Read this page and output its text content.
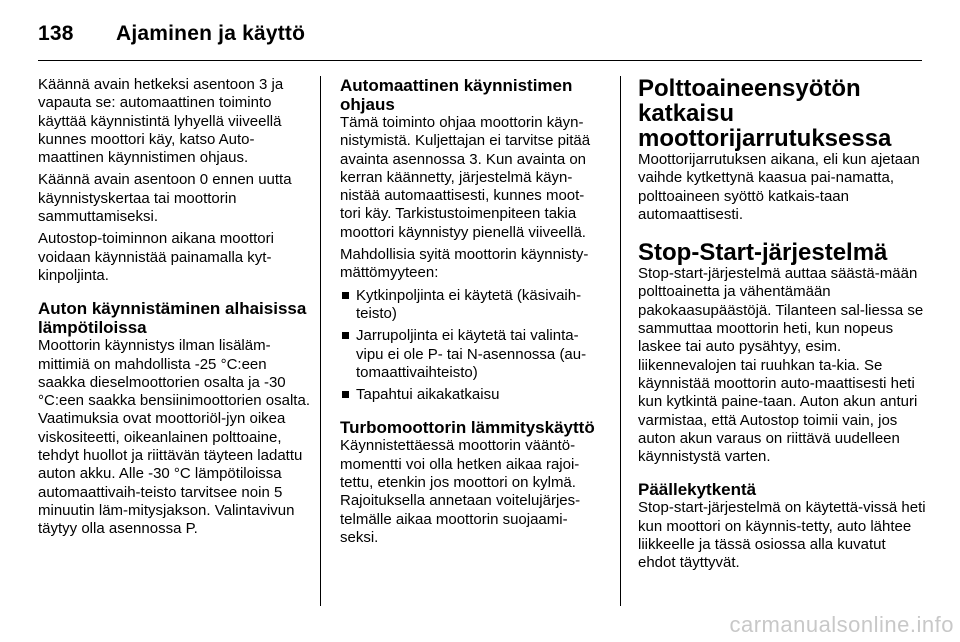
138 Ajaminen ja käyttö

Käännä avain hetkeksi asentoon 3 ja vapauta se: automaattinen toiminto käyttää käynnistintä lyhyellä viiveellä kunnes moottori käy, katso Auto-maattinen käynnistimen ohjaus.

Käännä avain asentoon 0 ennen uutta käynnistyskertaa tai moottorin sammuttamiseksi.

Autostop-toiminnon aikana moottori voidaan käynnistää painamalla kyt-kinpoljinta.

Auton käynnistäminen alhaisissa lämpötiloissa

Moottorin käynnistys ilman lisäläm-mittimiä on mahdollista -25 °C:een saakka dieselmoottorien osalta ja -30 °C:een saakka bensiinimoottorien osalta. Vaatimuksia ovat moottoriöl-jyn oikea viskositeetti, oikeanlainen polttoaine, tehdyt huollot ja riittävän täyteen ladattu auton akku. Alle -30 °C lämpötiloissa automaattivaih-teisto tarvitsee noin 5 minuutin läm-mitysjakson. Valintavivun täytyy olla asennossa P.

Automaattinen käynnistimen ohjaus

Tämä toiminto ohjaa moottorin käyn-nistymistä. Kuljettajan ei tarvitse pitää avainta asennossa 3. Kun avainta on kerran käännetty, järjestelmä käyn-nistää automaattisesti, kunnes moot-tori käy. Tarkistustoimenpiteen takia moottori käynnistyy pienellä viiveellä.

Mahdollisia syitä moottorin käynnisty-mättömyyteen:

Kytkinpoljinta ei käytetä (käsivaih-teisto)
Jarrupoljinta ei käytetä tai valinta-vipu ei ole P- tai N-asennossa (au-tomaattivaihteisto)
Tapahtui aikakatkaisu
Turbomoottorin lämmityskäyttö

Käynnistettäessä moottorin vääntö-momentti voi olla hetken aikaa rajoi-tettu, etenkin jos moottori on kylmä. Rajoituksella annetaan voitelujärjes-telmälle aikaa moottorin suojaami-seksi.

Polttoaineensyötön katkaisu moottorijarrutuksessa

Moottorijarrutuksen aikana, eli kun ajetaan vaihde kytkettynä kaasua pai-namatta, polttoaineen syöttö katkais-taan automaattisesti.

Stop-Start-järjestelmä

Stop-start-järjestelmä auttaa säästä-mään polttoainetta ja vähentämään pakokaasupäästöjä. Tilanteen sal-liessa se sammuttaa moottorin heti, kun nopeus laskee tai auto pysähtyy, esim. liikennevalojen tai ruuhkan ta-kia. Se käynnistää moottorin auto-maattisesti heti kun kytkintä paine-taan. Auton akun anturi varmistaa, että Autostop toimii vain, jos auton akun varaus on riittävä uudelleen käynnistystä varten.

Päällekytkentä

Stop-start-järjestelmä on käytettä-vissä heti kun moottori on käynnis-tetty, auto lähtee liikkeelle ja tässä osiossa alla kuvatut ehdot täyttyvät.

carmanualsonline.info
